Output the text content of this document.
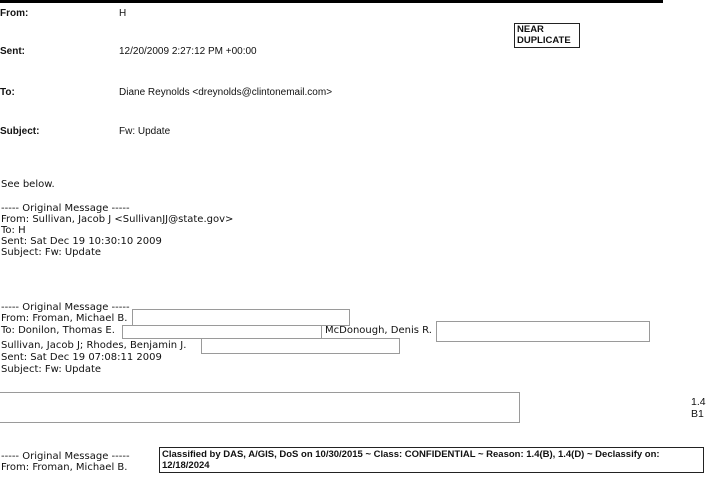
From:	H
Sent:	12/20/2009 2:27:12 PM +00:00
To:	Diane Reynolds <dreynolds@clintonemail.com>
Subject:	Fw: Update
NEAR
DUPLICATE
See below.
----- Original Message -----
From: Sullivan, Jacob J <SullivanJJ@state.gov>
To: H
Sent: Sat Dec 19 10:30:10 2009
Subject: Fw: Update
----- Original Message -----
From: Froman, Michael B.
To: Donilon, Thomas E.	McDonough, Denis R.
Sullivan, Jacob J; Rhodes, Benjamin J.
Sent: Sat Dec 19 07:08:11 2009
Subject: Fw: Update
1.4
B1
----- Original Message -----
From: Froman, Michael B.
Classified by DAS, A/GIS, DoS on 10/30/2015 ~ Class: CONFIDENTIAL ~ Reason: 1.4(B), 1.4(D) ~ Declassify on: 12/18/2024
